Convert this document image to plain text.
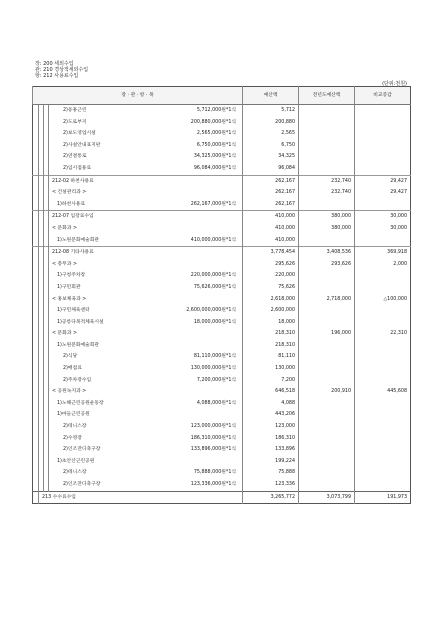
장: 200 세외수입
관: 210 경상적세외수입
항: 212 사용료수입
(단위:천원)
장 · 관 · 항 · 목				예산액	전년도예산액	비교증감
			2)동홍근린 5,712,000원*1식	5,712		
			2)도로부지 200,880,000원*1식	200,880		
			2)보도영업시설 2,565,000원*1식	2,565		
			2)사설안내표지판 6,750,000원*1식	6,750		
			2)연결통로 34,325,000원*1식	34,325		
			2)입시점용료 96,084,000원*1식	96,084		
			212-02 하천사용료	262,167	232,740	29,427
			< 건설관리과 >	262,167	232,740	29,427
			1)하천사용료 262,167,000원*1식	262,167		
			212-07 입장료수입	410,000	380,000	30,000
			< 문화과 >	410,000	380,000	30,000
			1)노원문화예술회관 410,000,000원*1식	410,000		
			212-08 기타사용료	3,778,454	3,408,536	369,918
			< 총무과 >	295,626	293,626	2,000
			1)구청주차장 220,000,000원*1식	220,000		
			1)구민회관 75,626,000원*1식	75,626		
			< 홍보체육과 >	2,618,000	2,718,000	△100,000
			1)구민체육센터 2,600,000,000원*1식	2,600,000		
			1)공릉다목적체육시설 18,000,000원*1식	18,000		
			< 문화과 >	218,310	196,000	22,310
			1)노원문화예술회관	218,310		
			2)식당 81,110,000원*1식	81,110		
			2)매점료 130,000,000원*1식	130,000		
			2)주차장수입 7,200,000원*1식	7,200		
			< 공원녹지과 >	646,518	200,910	445,608
			1)노해근린공원운동장 4,088,000원*1식	4,088		
			1)마들근린공원	443,206		
			2)테니스장 123,000,000원*1식	123,000		
			2)수영장 186,310,000원*1식	186,310		
			2)인조잔디축구장 133,896,000원*1식	133,896		
			1)초안산근린공원	199,224		
			2)테니스장 75,888,000원*1식	75,888		
			2)인조잔디축구장 123,336,000원*1식	123,336		
	213 수수료수입			3,265,772	3,073,799	191,973
